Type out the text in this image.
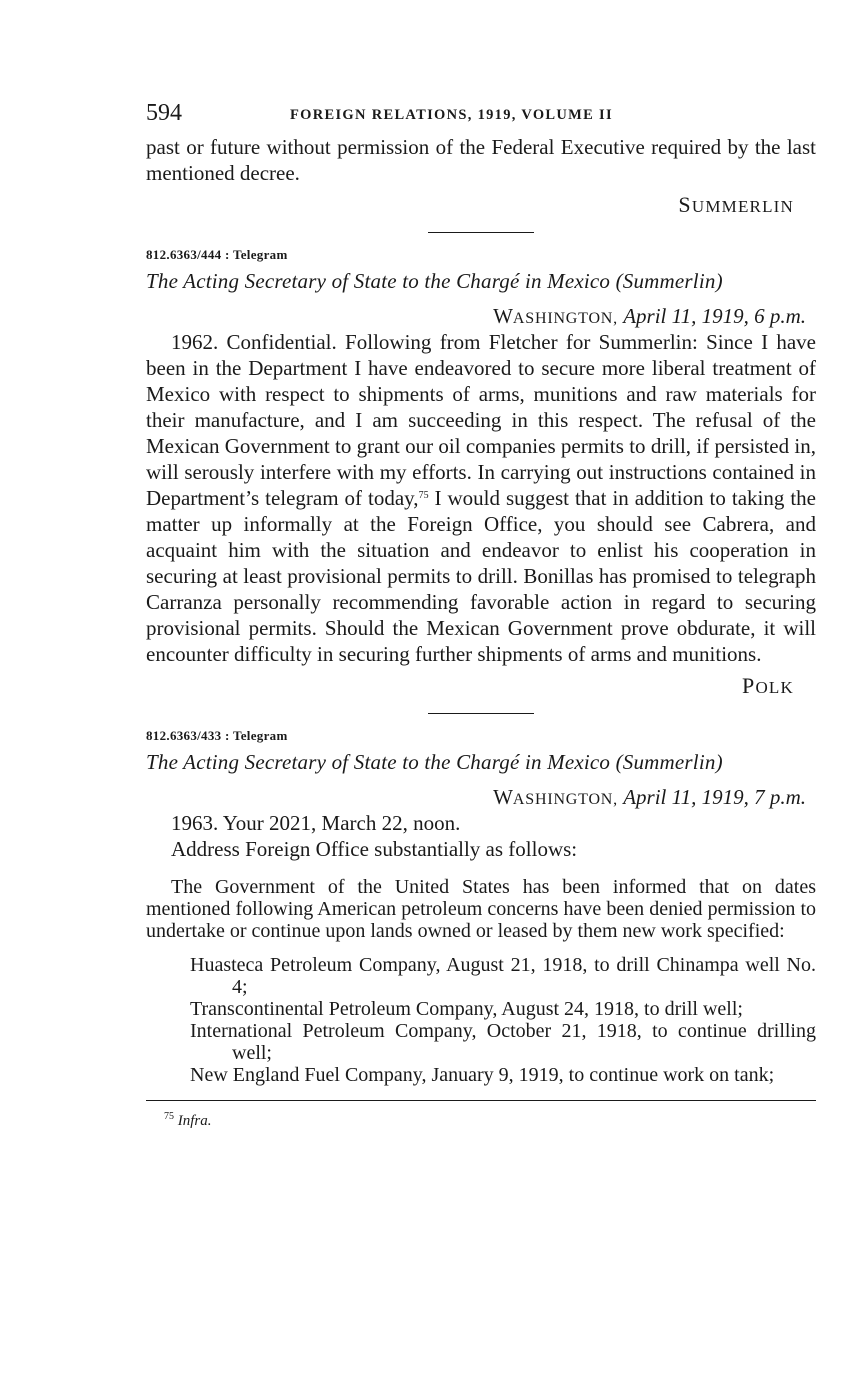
594	FOREIGN RELATIONS, 1919, VOLUME II

past or future without permission of the Federal Executive required by the last mentioned decree.

SUMMERLIN

812.6363/444 : Telegram

The Acting Secretary of State to the Chargé in Mexico (Summerlin)

WASHINGTON, April 11, 1919, 6 p.m.

1962. Confidential. Following from Fletcher for Summerlin: Since I have been in the Department I have endeavored to secure more liberal treatment of Mexico with respect to shipments of arms, munitions and raw materials for their manufacture, and I am succeeding in this respect. The refusal of the Mexican Government to grant our oil companies permits to drill, if persisted in, will serously interfere with my efforts. In carrying out instructions contained in Department’s telegram of today,$^{75}$ I would suggest that in addition to taking the matter up informally at the Foreign Office, you should see Cabrera, and acquaint him with the situation and endeavor to enlist his cooperation in securing at least provisional permits to drill. Bonillas has promised to telegraph Carranza personally recommending favorable action in regard to securing provisional permits. Should the Mexican Government prove obdurate, it will encounter difficulty in securing further shipments of arms and munitions.

POLK

812.6363/433 : Telegram

The Acting Secretary of State to the Chargé in Mexico (Summerlin)

WASHINGTON, April 11, 1919, 7 p.m.

1963. Your 2021, March 22, noon.

Address Foreign Office substantially as follows:

The Government of the United States has been informed that on dates mentioned following American petroleum concerns have been denied permission to undertake or continue upon lands owned or leased by them new work specified:

Huasteca Petroleum Company, August 21, 1918, to drill Chinampa well No. 4;
Transcontinental Petroleum Company, August 24, 1918, to drill well;
International Petroleum Company, October 21, 1918, to continue drilling well;
New England Fuel Company, January 9, 1919, to continue work on tank;

$^{75}$ Infra.
